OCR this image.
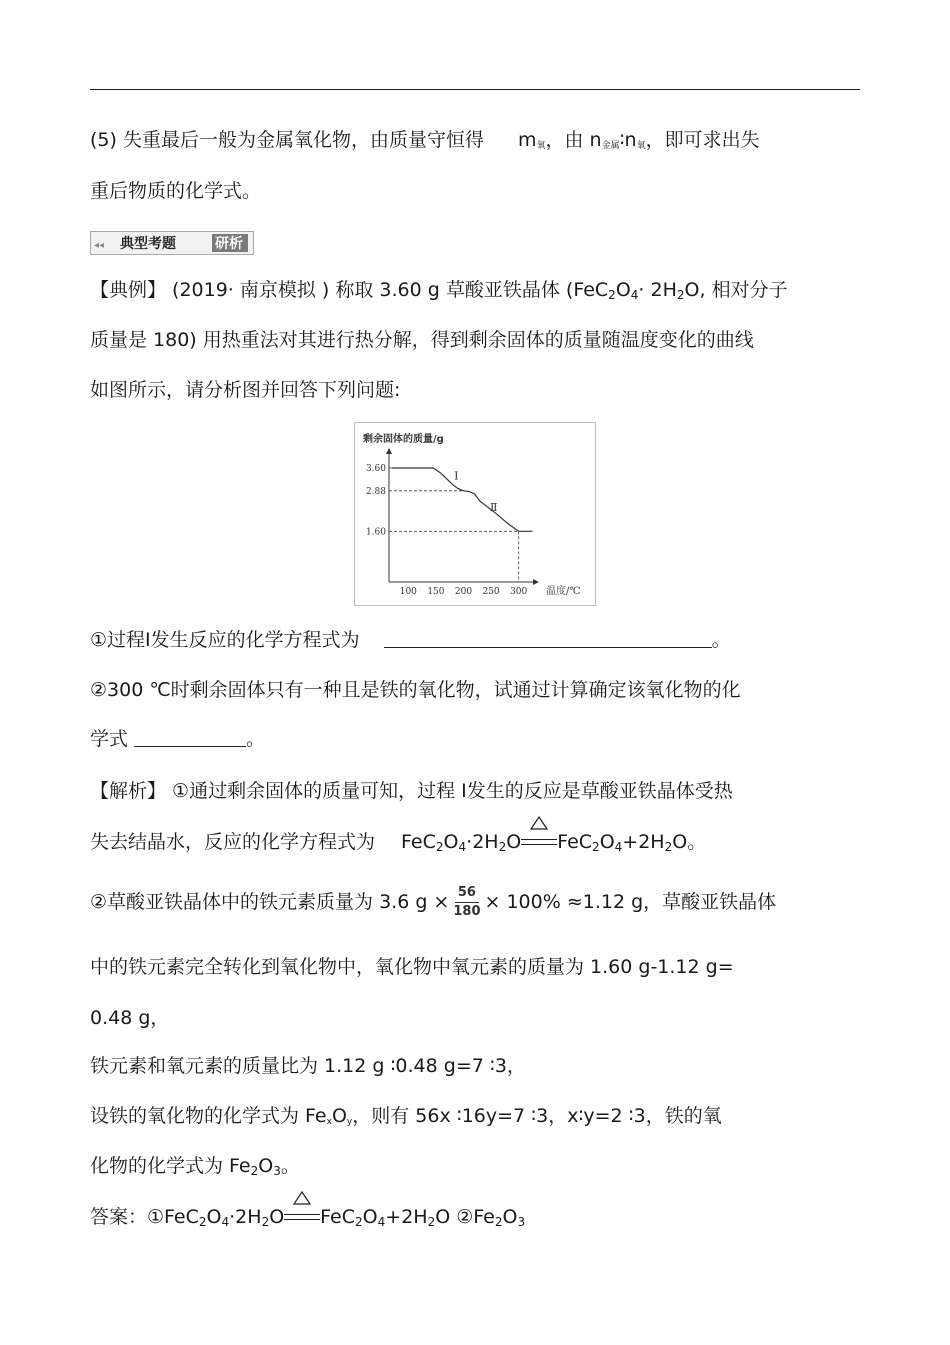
(5) 失重最后一般为金属氧化物，由质量守恒得 m氧，由 n金属∶n氧，即可求出失
重后物质的化学式。
◂◂ 典型考题	研析
【典例】 (2019· 南京模拟 ) 称取 3.60 g 草酸亚铁晶体 ($FeC_2O_4\cdot 2H_2O$, 相对分子
质量是 180) 用热重法对其进行热分解，得到剩余固体的质量随温度变化的曲线
如图所示，请分析图并回答下列问题:
剩余固体的质量/g
温度/℃
3.60
2.88
1.60
100 150 200 250 300
Ⅰ
Ⅱ
①过程Ⅰ发生反应的化学方程式为	。
②300 ℃时剩余固体只有一种且是铁的氧化物，试通过计算确定该氧化物的化
学式	。
【解析】 ①通过剩余固体的质量可知，过程 Ⅰ发生的反应是草酸亚铁晶体受热
失去结晶水，反应的化学方程式为 $FeC_2O_4\cdot 2H_2O$ $FeC_2O_4+2H_2O$。
②草酸亚铁晶体中的铁元素质量为 3.6 $g \times \frac{56}{180} \times 100\% \approx 1.12$ g，草酸亚铁晶体
中的铁元素完全转化到氧化物中，氧化物中氧元素的质量为 1.60 g-1.12 g=
0.48 g，
铁元素和氧元素的质量比为 1.12 g ∶0.48 g=7 ∶3，
设铁的氧化物的化学式为 FexOy，则有 56x ∶16y=7 ∶3，x∶y=2 ∶3，铁的氧
化物的化学式为 $Fe_2O_3$。
答案：$①FeC_2O_4\cdot 2H_2O$ $FeC_2O_4+2H_2O$ $②Fe_2O_3$
